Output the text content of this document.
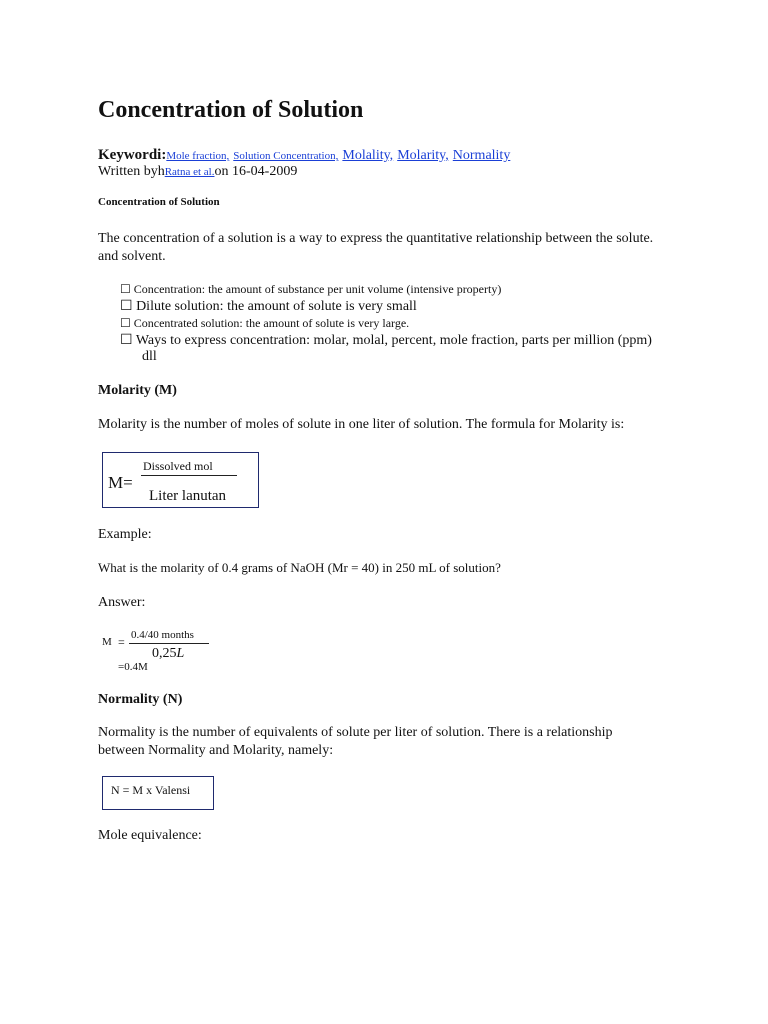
Concentration of Solution
Keywordi:Mole fraction, Solution Concentration, Molality, Molarity, Normality
Written byhRatna et al.on 16-04-2009
Concentration of Solution
The concentration of a solution is a way to express the quantitative relationship between the solute. and solvent.
☐ Concentration: the amount of substance per unit volume (intensive property)
☐ Dilute solution: the amount of solute is very small
☐ Concentrated solution: the amount of solute is very large.
☐ Ways to express concentration: molar, molal, percent, mole fraction, parts per million (ppm)
dll
Molarity (M)
Molarity is the number of moles of solute in one liter of solution. The formula for Molarity is:
M=
Dissolved mol
Liter lanutan
Example:
What is the molarity of 0.4 grams of NaOH (Mr = 40) in 250 mL of solution?
Answer:
M = 0.4/40 months
0,25L
=0.4M
Normality (N)
Normality is the number of equivalents of solute per liter of solution. There is a relationship between Normality and Molarity, namely:
N = M x Valensi
Mole equivalence:
